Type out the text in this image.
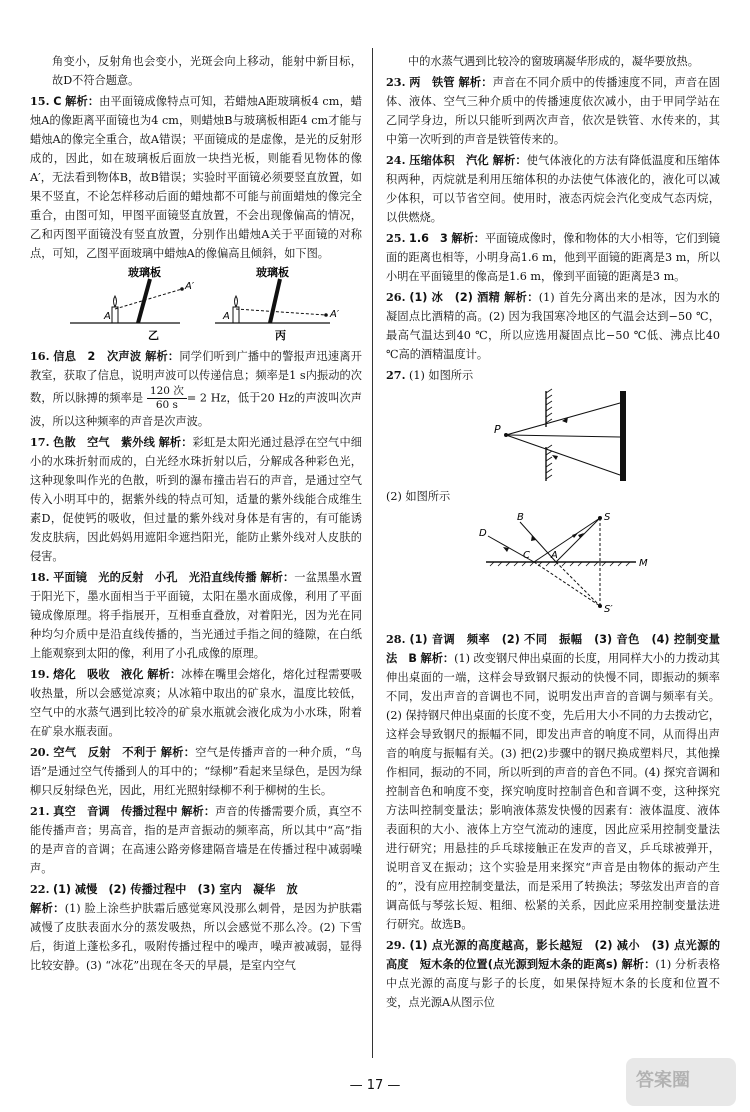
角变小，反射角也会变小，光斑会向上移动，能射中新目标，故D不符合题意。

15. C 解析：由平面镜成像特点可知，若蜡烛A距玻璃板4 cm，蜡烛A的像距离平面镜也为4 cm，则蜡烛B与玻璃板相距4 cm才能与蜡烛A的像完全重合，故A错误；平面镜成的是虚像，是光的反射形成的，因此，如在玻璃板后面放一块挡光板，则能看见物体的像A′，无法看到物体B，故B错误；实验时平面镜必须要竖直放置，如果不竖直，不论怎样移动后面的蜡烛都不可能与前面蜡烛的像完全重合，由图可知，甲图平面镜竖直放置，不会出现像偏高的情况，乙和丙图平面镜没有竖直放置，分别作出蜡烛A关于平面镜的对称点，可知，乙图平面玻璃中蜡烛A的像偏高且倾斜，如下图。

玻璃板
A
A′
乙
玻璃板
A	A′
丙

16. 信息　2　次声波 解析：同学们听到广播中的警报声迅速离开教室，获取了信息，说明声波可以传递信息；频率是1 s内振动的次数，所以脉搏的频率是 $\frac{\text{120 次}}{60 s} = 2$ Hz，低于20 Hz的声波叫次声波，所以这种频率的声音是次声波。

17. 色散　空气　紫外线 解析：彩虹是太阳光通过悬浮在空气中细小的水珠折射而成的，白光经水珠折射以后，分解成各种彩色光，这种现象叫作光的色散，听到的瀑布撞击岩石的声音，是通过空气传入小明耳中的，据紫外线的特点可知，适量的紫外线能合成维生素D，促使钙的吸收，但过量的紫外线对身体是有害的，有可能诱发皮肤病，因此妈妈用遮阳伞遮挡阳光，能防止紫外线对人皮肤的侵害。

18. 平面镜　光的反射　小孔　光沿直线传播 解析：一盆黑墨水置于阳光下，墨水面相当于平面镜，太阳在墨水面成像，利用了平面镜成像原理。将手指展开，互相垂直叠放，对着阳光，因为光在同种均匀介质中是沿直线传播的，当光通过手指之间的缝隙，在白纸上能观察到太阳的像，利用了小孔成像的原理。

19. 熔化　吸收　液化 解析：冰棒在嘴里会熔化，熔化过程需要吸收热量，所以会感觉凉爽；从冰箱中取出的矿泉水，温度比较低，空气中的水蒸气遇到比较冷的矿泉水瓶就会液化成为小水珠，附着在矿泉水瓶表面。

20. 空气　反射　不利于 解析：空气是传播声音的一种介质，“鸟语”是通过空气传播到人的耳中的；“绿柳”看起来呈绿色，是因为绿柳只反射绿色光，因此，用红光照射绿柳不利于柳树的生长。

21. 真空　音调　传播过程中 解析：声音的传播需要介质，真空不能传播声音；男高音，指的是声音振动的频率高，所以其中“高”指的是声音的音调；在高速公路旁修建隔音墙是在传播过程中减弱噪声。

22. (1) 减慢　(2) 传播过程中　(3) 室内　凝华　放
解析：(1) 脸上涂些护肤霜后感觉寒风没那么刺骨，是因为护肤霜减慢了皮肤表面水分的蒸发吸热，所以会感觉不那么冷。(2) 下雪后，街道上蓬松多孔，吸附传播过程中的噪声，噪声被减弱，显得比较安静。(3) “冰花”出现在冬天的早晨，是室内空气

中的水蒸气遇到比较冷的窗玻璃凝华形成的，凝华要放热。

23. 两　铁管 解析：声音在不同介质中的传播速度不同，声音在固体、液体、空气三种介质中的传播速度依次减小，由于甲同学站在乙同学身边，所以只能听到两次声音，依次是铁管、水传来的，其中第一次听到的声音是铁管传来的。

24. 压缩体积　汽化 解析：使气体液化的方法有降低温度和压缩体积两种，丙烷就是利用压缩体积的办法使气体液化的，液化可以减少体积，可以节省空间。使用时，液态丙烷会汽化变成气态丙烷，以供燃烧。

25. 1.6　3 解析：平面镜成像时，像和物体的大小相等，它们到镜面的距离也相等，小明身高1.6 m，他到平面镜的距离是3 m，所以小明在平面镜里的像高是1.6 m，像到平面镜的距离是3 m。

26. (1) 冰　(2) 酒精 解析：(1) 首先分离出来的是冰，因为水的凝固点比酒精的高。(2) 因为我国寒冷地区的气温会达到−50 ℃，最高气温达到40 ℃，所以应选用凝固点比−50 ℃低、沸点比40 ℃高的酒精温度计。

27. (1) 如图所示

P

(2) 如图所示

B	S
D
C A
M
S′

28. (1) 音调　频率　(2) 不同　振幅　(3) 音色　(4) 控制变量法　B 解析：(1) 改变钢尺伸出桌面的长度，用同样大小的力拨动其伸出桌面的一端，这样会导致钢尺振动的快慢不同，即振动的频率不同，发出声音的音调也不同，说明发出声音的音调与频率有关。(2) 保持钢尺伸出桌面的长度不变，先后用大小不同的力去拨动它，这样会导致钢尺的振幅不同，即发出声音的响度不同，从而得出声音的响度与振幅有关。(3) 把(2)步骤中的钢尺换成塑料尺，其他操作相同，振动的不同，所以听到的声音的音色不同。(4) 探究音调和控制音色和响度不变，探究响度时控制音色和音调不变，这种探究方法叫控制变量法；影响液体蒸发快慢的因素有：液体温度、液体表面积的大小、液体上方空气流动的速度，因此应采用控制变量法进行研究；用悬挂的乒乓球接触正在发声的音叉，乒乓球被弹开，说明音叉在振动；这个实验是用来探究“声音是由物体的振动产生的”，没有应用控制变量法，而是采用了转换法；琴弦发出声音的音调高低与琴弦长短、粗细、松紧的关系，因此应采用控制变量法进行研究。故选B。

29. (1) 点光源的高度越高，影长越短　(2) 减小　(3) 点光源的高度　短木条的位置(点光源到短木条的距离s) 解析：(1) 分析表格中点光源的高度与影子的长度，如果保持短木条的长度和位置不变，点光源A从图示位

— 17 —	答案圈
